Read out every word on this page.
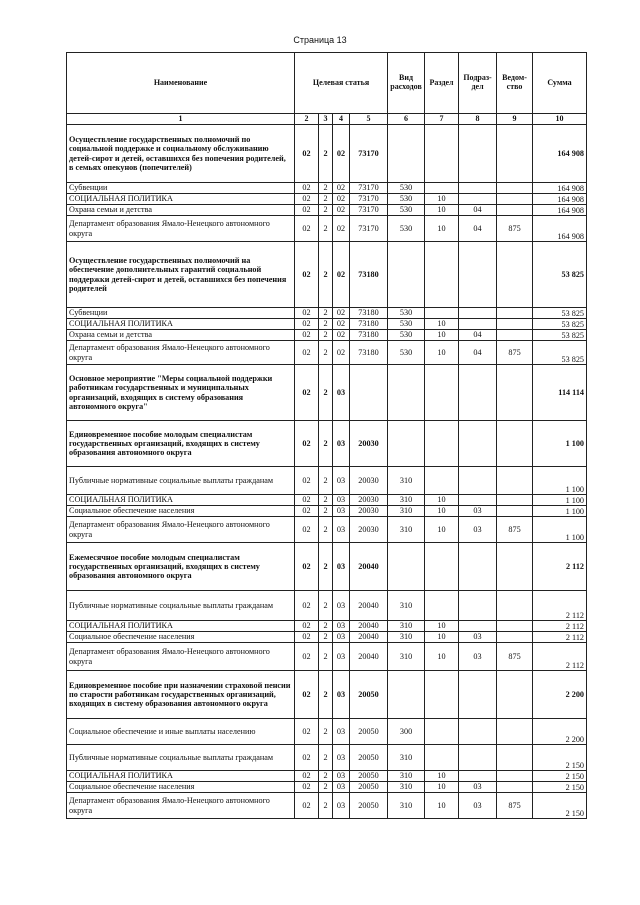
Страница 13
Наименование	Целевая статья				Вид расходов	Раздел	Подраз-дел	Ведом-ство	Сумма
1	2	3	4	5	6	7	8	9	10
Осуществление государственных полномочий по социальной поддержке и социальному обслуживанию детей-сирот и детей, оставшихся без попечения родителей, в семьях опекунов (попечителей)	02	2	02	73170					164 908
Субвенции	02	2	02	73170	530				164 908
СОЦИАЛЬНАЯ ПОЛИТИКА	02	2	02	73170	530	10			164 908
Охрана семьи и детства	02	2	02	73170	530	10	04		164 908
Департамент образования Ямало-Ненецкого автономного округа	02	2	02	73170	530	10	04	875	164 908
Осуществление государственных полномочий на обеспечение дополнительных гарантий социальной поддержки детей-сирот и детей, оставшихся без попечения родителей	02	2	02	73180					53 825
Субвенции	02	2	02	73180	530				53 825
СОЦИАЛЬНАЯ ПОЛИТИКА	02	2	02	73180	530	10			53 825
Охрана семьи и детства	02	2	02	73180	530	10	04		53 825
Департамент образования Ямало-Ненецкого автономного округа	02	2	02	73180	530	10	04	875	53 825
Основное мероприятие "Меры социальной поддержки работникам государственных и муниципальных организаций, входящих в систему образования автономного округа"	02	2	03						114 114
Единовременное пособие молодым специалистам государственных организаций, входящих в систему образования автономного округа	02	2	03	20030					1 100
Публичные нормативные социальные выплаты гражданам	02	2	03	20030	310				1 100
СОЦИАЛЬНАЯ ПОЛИТИКА	02	2	03	20030	310	10			1 100
Социальное обеспечение населения	02	2	03	20030	310	10	03		1 100
Департамент образования Ямало-Ненецкого автономного округа	02	2	03	20030	310	10	03	875	1 100
Ежемесячное пособие молодым специалистам государственных организаций, входящих в систему образования автономного округа	02	2	03	20040					2 112
Публичные нормативные социальные выплаты гражданам	02	2	03	20040	310				2 112
СОЦИАЛЬНАЯ ПОЛИТИКА	02	2	03	20040	310	10			2 112
Социальное обеспечение населения	02	2	03	20040	310	10	03		2 112
Департамент образования Ямало-Ненецкого автономного округа	02	2	03	20040	310	10	03	875	2 112
Единовременное пособие при назначении страховой пенсии по старости работникам государственных организаций, входящих в систему образования автономного округа	02	2	03	20050					2 200
Социальное обеспечение и иные выплаты населению	02	2	03	20050	300				2 200
Публичные нормативные социальные выплаты гражданам	02	2	03	20050	310				2 150
СОЦИАЛЬНАЯ ПОЛИТИКА	02	2	03	20050	310	10			2 150
Социальное обеспечение населения	02	2	03	20050	310	10	03		2 150
Департамент образования Ямало-Ненецкого автономного округа	02	2	03	20050	310	10	03	875	2 150
